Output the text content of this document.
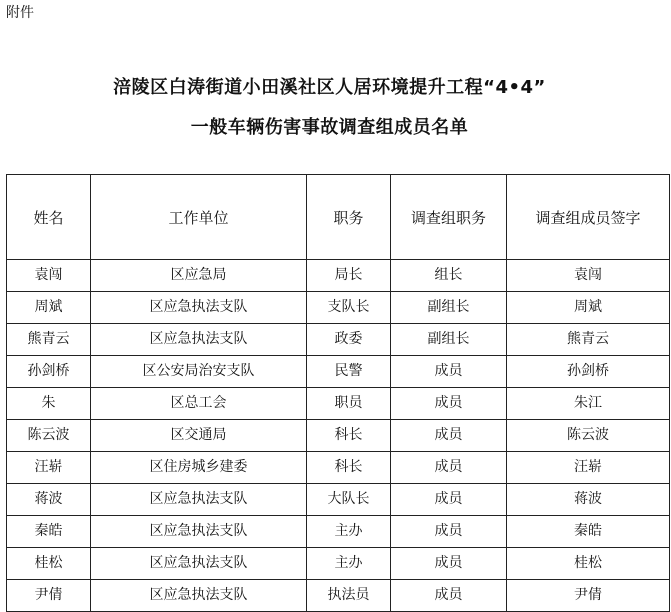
附件
涪陵区白涛街道小田溪社区人居环境提升工程“4•4”
一般车辆伤害事故调查组成员名单
姓名	工作单位	职务	调查组职务	调查组成员签字
袁闯	区应急局	局长	组长	袁闯
周斌	区应急执法支队	支队长	副组长	周斌
熊青云	区应急执法支队	政委	副组长	熊青云
孙剑桥	区公安局治安支队	民警	成员	孙剑桥
朱	区总工会	职员	成员	朱江
陈云波	区交通局	科长	成员	陈云波
汪崭	区住房城乡建委	科长	成员	汪崭
蒋波	区应急执法支队	大队长	成员	蒋波
秦皓	区应急执法支队	主办	成员	秦皓
桂松	区应急执法支队	主办	成员	桂松
尹倩	区应急执法支队	执法员	成员	尹倩
